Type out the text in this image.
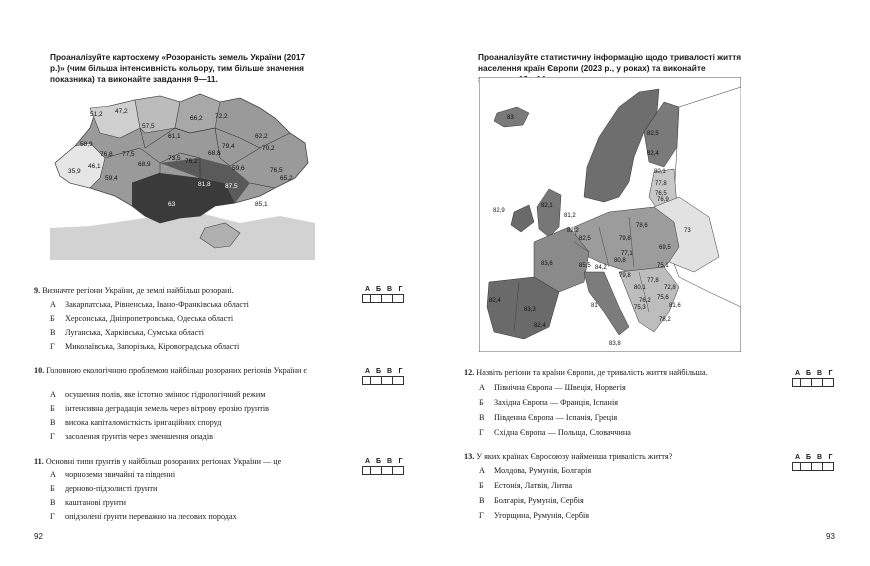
Проаналізуйте картосхему «Розораність земель України (2017 р.)» (чим більша інтенсивність кольору, тим більше значення показника) та виконайте завдання 9—11.
51,2 47,2
57,5
58,9
61,1
66,2 72,2
46,1
76,8 77,5
35,9
59,4
68,9	76,2
73,5
62,2
70,2
68,8
79,4
59,6	76,5
63	85,1
63,2 69,4
81,8 87,5
65,2
9. Визначте регіони України, де землі найбільш розорані.
А Закарпатська, Рівненська, Івано-Франківська області
Б Херсонська, Дніпропетровська, Одеська області
В Луганська, Харківська, Сумська області
Г Миколаївська, Запорізька, Кіровоградська області
А Б В Г
10. Головною екологічною проблемою найбільш розораних регіонів України є
А осушення полів, яке істотно змінює гідрологічний режим
Б інтенсивна деградація земель через вітрову ерозію ґрунтів
В висока капіталомісткість іригаційних споруд
Г засолення ґрунтів через зменшення опадів
А Б В Г
11. Основні типи ґрунтів у найбільш розораних регіонах України — це
А чорноземи звичайні та південні
Б дерново-підзолисті ґрунти
В каштанові ґрунти
Г опідзолені ґрунти переважно на лесових породах
А Б В Г
92
Проаналізуйте статистичну інформацію щодо тривалості життя населення країн Європи (2023 р., у роках) та виконайте
83
82,5
82,4
80,1
77,8
76,5
76,9
82,9
82,1
81,2
82,2
78,6
73
82,5	79,8
83,6	85,5 84,2
77,1
69,5
79,8
75,1
80,8
77,8
80,1
76,2
75,3
72,8
82,4
81
75,6
78,2
83,3
81,6
83,8
82,4
12. Назвіть регіони та країни Європи, де тривалість життя найбільша.
А Північна Європа — Швеція, Норвегія
Б Західна Європа — Франція, Іспанія
В Південна Європа — Іспанія, Греція
Г Східна Європа — Польща, Словаччина
А Б В Г
13. У яких країнах Євросоюзу найменша тривалість життя?
А Молдова, Румунія, Болгарія
Б Естонія, Латвія, Литва
В Болгарія, Румунія, Сербія
Г Угорщина, Румунія, Сербія
А Б В Г
93
